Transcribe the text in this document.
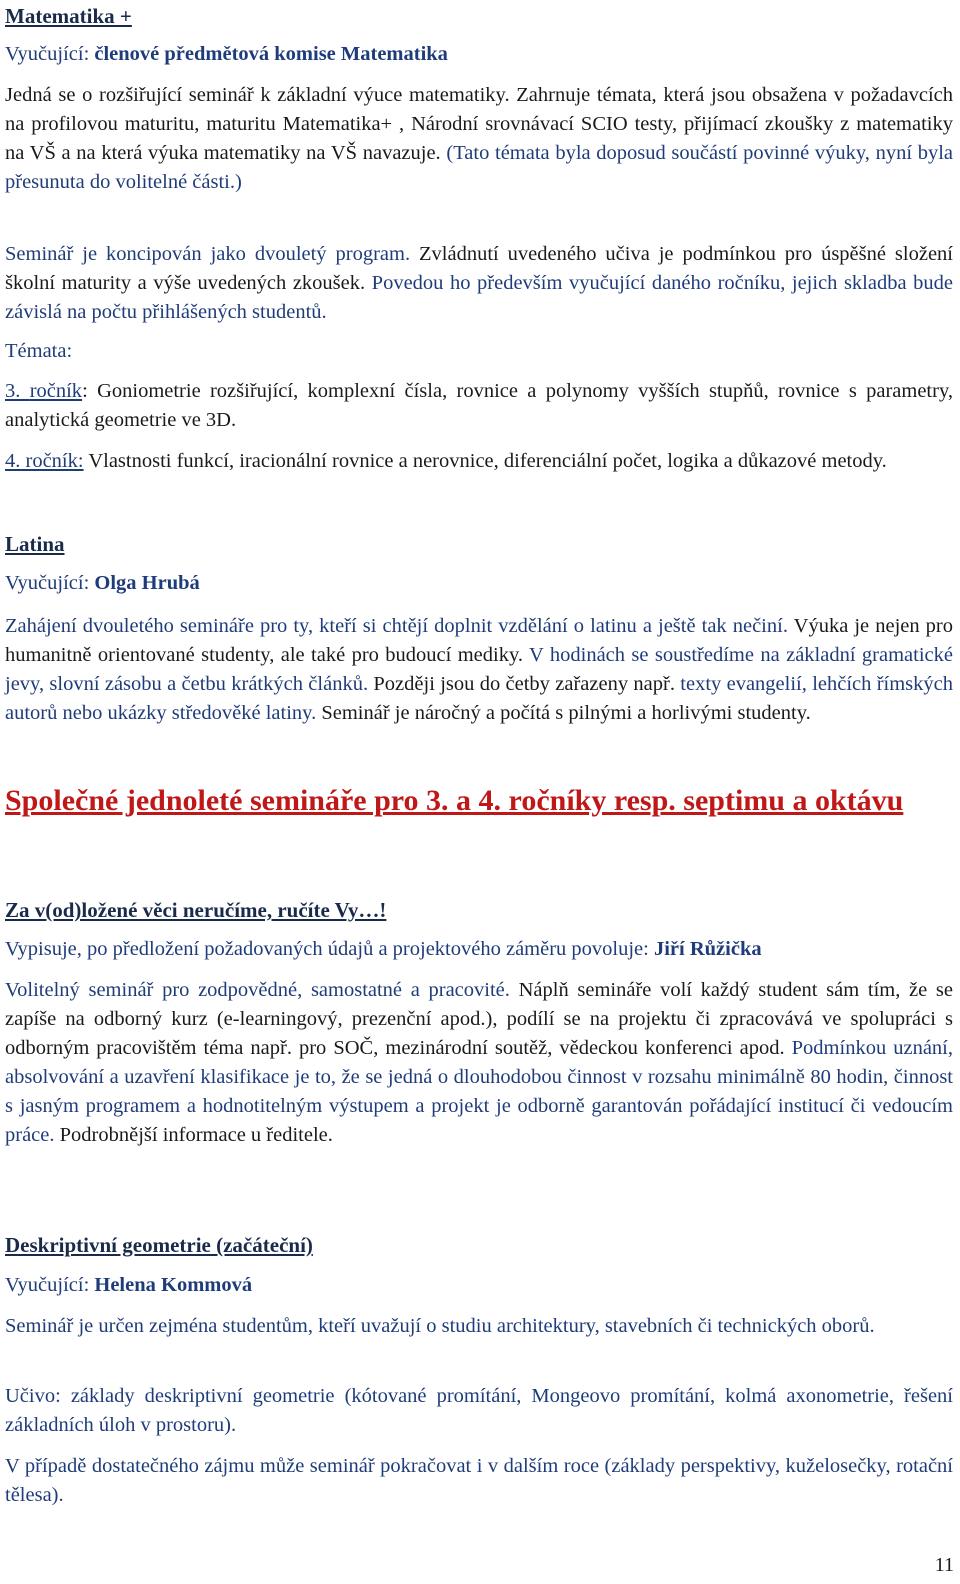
Matematika +
Vyučující: členové předmětová komise Matematika

Jedná se o rozšiřující seminář k základní výuce matematiky. Zahrnuje témata, která jsou obsažena v požadavcích na profilovou maturitu, maturitu Matematika+ , Národní srovnávací SCIO testy, přijímací zkoušky z matematiky na VŠ a na která výuka matematiky na VŠ navazuje. (Tato témata byla doposud součástí povinné výuky, nyní byla přesunuta do volitelné části.)

Seminář je koncipován jako dvouletý program. Zvládnutí uvedeného učiva je podmínkou pro úspěšné složení školní maturity a výše uvedených zkoušek. Povedou ho především vyučující daného ročníku, jejich skladba bude závislá na počtu přihlášených studentů.

Témata:

3. ročník: Goniometrie rozšiřující, komplexní čísla, rovnice a polynomy vyšších stupňů, rovnice s parametry, analytická geometrie ve 3D.

4. ročník: Vlastnosti funkcí, iracionální rovnice a nerovnice, diferenciální počet, logika a důkazové metody.

Latina
Vyučující: Olga Hrubá

Zahájení dvouletého semináře pro ty, kteří si chtějí doplnit vzdělání o latinu a ještě tak nečiní. Výuka je nejen pro humanitně orientované studenty, ale také pro budoucí mediky. V hodinách se soustředíme na základní gramatické jevy, slovní zásobu a četbu krátkých článků. Později jsou do četby zařazeny např. texty evangelií, lehčích římských autorů nebo ukázky středověké latiny. Seminář je náročný a počítá s pilnými a horlivými studenty.

Společné jednoleté semináře pro 3. a 4. ročníky resp. septimu a oktávu
Za v(od)ložené věci neručíme, ručíte Vy…!
Vypisuje, po předložení požadovaných údajů a projektového záměru povoluje: Jiří Růžička

Volitelný seminář pro zodpovědné, samostatné a pracovité. Náplň semináře volí každý student sám tím, že se zapíše na odborný kurz (e-learningový, prezenční apod.), podílí se na projektu či zpracovává ve spolupráci s odborným pracovištěm téma např. pro SOČ, mezinárodní soutěž, vědeckou konferenci apod. Podmínkou uznání, absolvování a uzavření klasifikace je to, že se jedná o dlouhodobou činnost v rozsahu minimálně 80 hodin, činnost s jasným programem a hodnotitelným výstupem a projekt je odborně garantován pořádající institucí či vedoucím práce. Podrobnější informace u ředitele.

Deskriptivní geometrie (začáteční)
Vyučující: Helena Kommová

Seminář je určen zejména studentům, kteří uvažují o studiu architektury, stavebních či technických oborů.

Učivo: základy deskriptivní geometrie (kótované promítání, Mongeovo promítání, kolmá axonometrie, řešení základních úloh v prostoru).

V případě dostatečného zájmu může seminář pokračovat i v dalším roce (základy perspektivy, kuželosečky, rotační tělesa).

11
